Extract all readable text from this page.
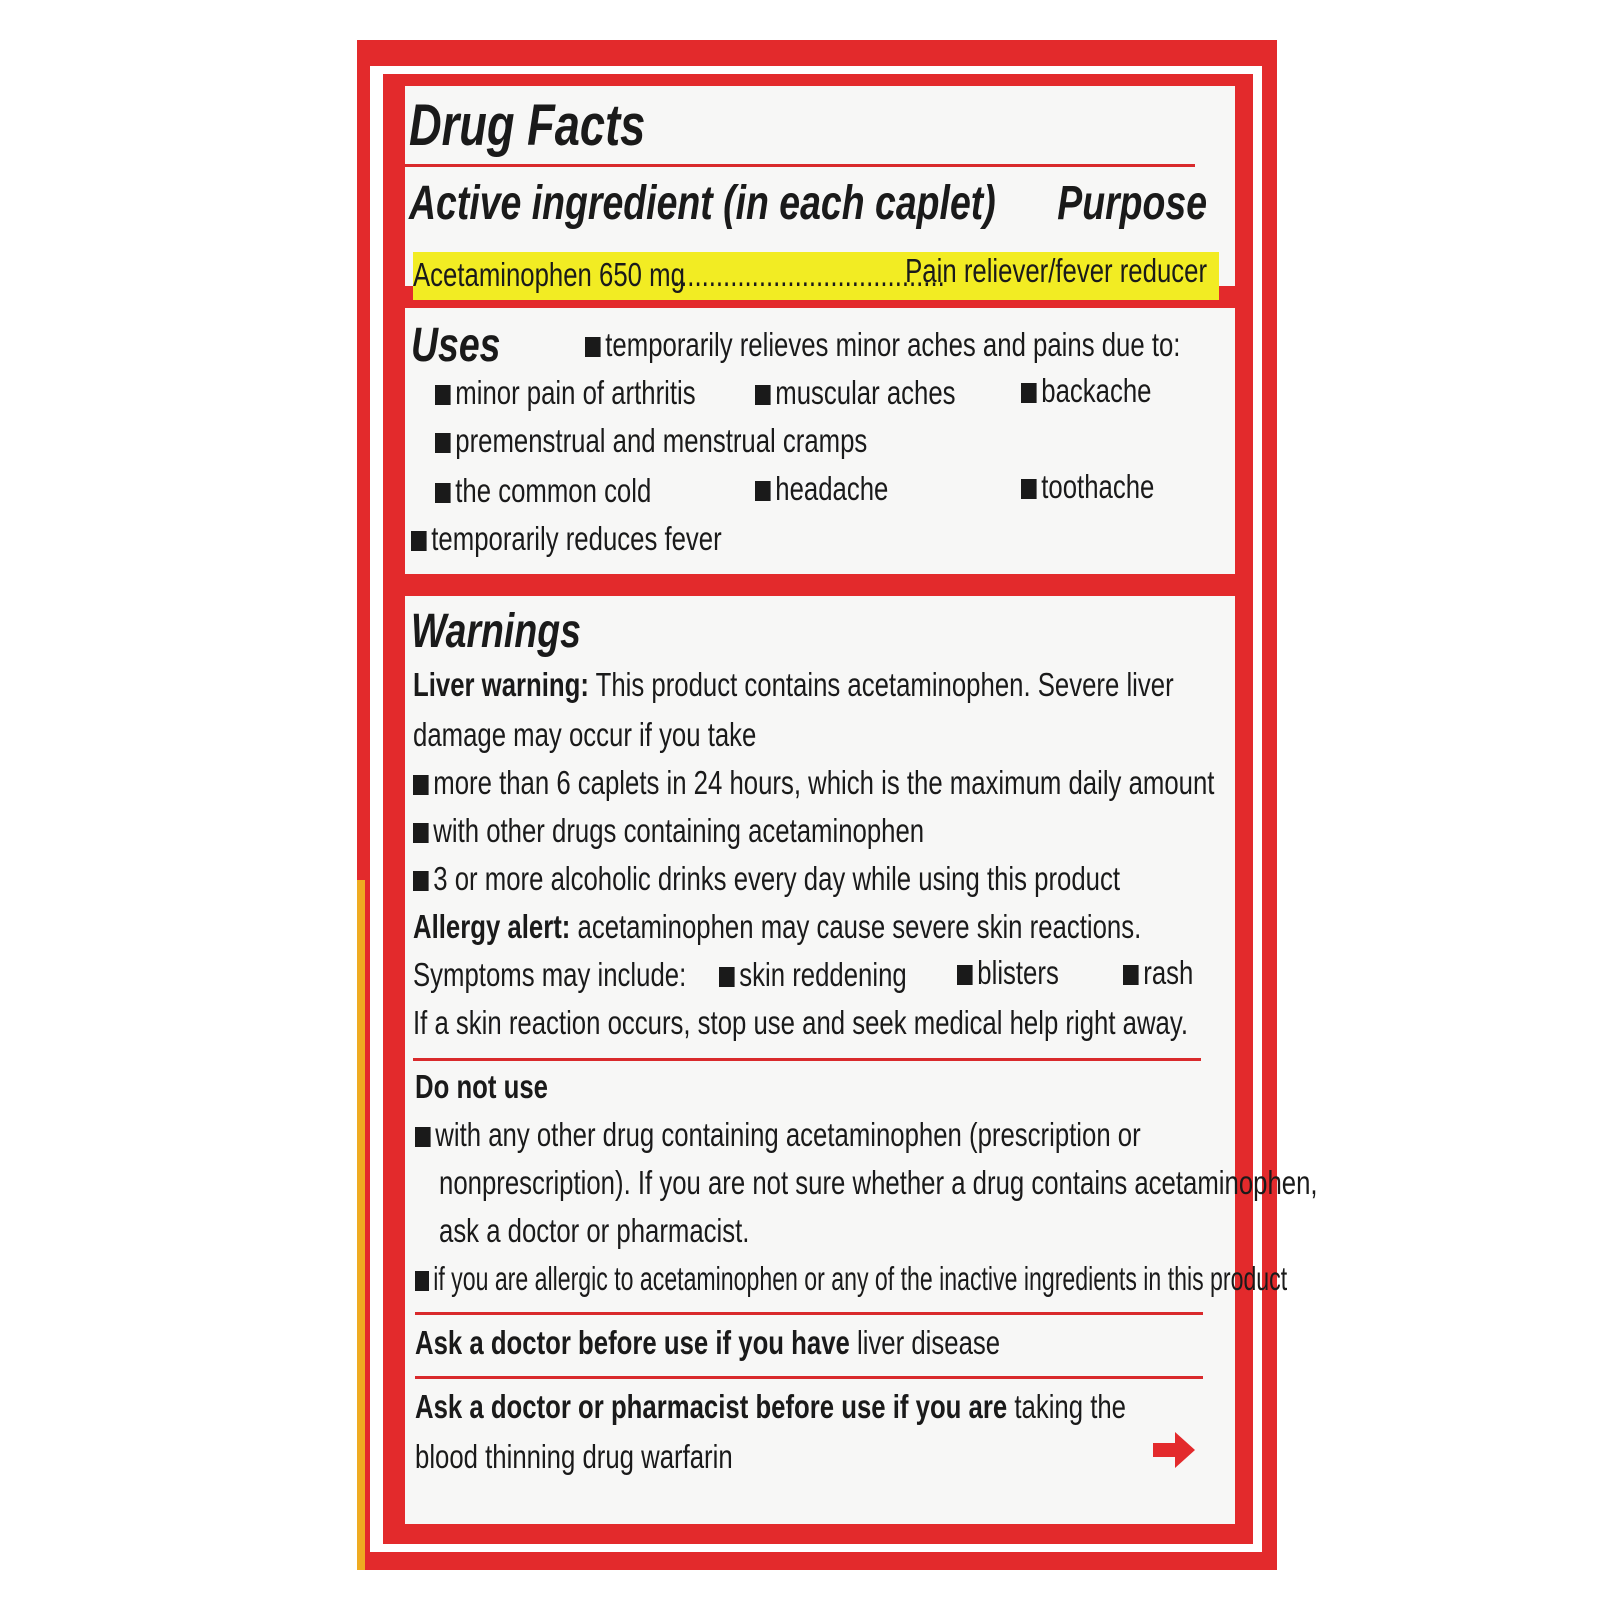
Drug Facts
Active ingredient (in each caplet)	Purpose
Acetaminophen 650 mg
......................................
Pain reliever/fever reducer
Uses	temporarily relieves minor aches and pains due to:
minor pain of arthritis	muscular aches	backache
premenstrual and menstrual cramps
the common cold	headache	toothache
temporarily reduces fever
Warnings
Liver warning: This product contains acetaminophen. Severe liver
damage may occur if you take
more than 6 caplets in 24 hours, which is the maximum daily amount
with other drugs containing acetaminophen
3 or more alcoholic drinks every day while using this product
Allergy alert: acetaminophen may cause severe skin reactions.
Symptoms may include:	skin reddening	blisters	rash
If a skin reaction occurs, stop use and seek medical help right away.
Do not use
with any other drug containing acetaminophen (prescription or
nonprescription). If you are not sure whether a drug contains acetaminophen,
ask a doctor or pharmacist.
if you are allergic to acetaminophen or any of the inactive ingredients in this product
Ask a doctor before use if you have liver disease
Ask a doctor or pharmacist before use if you are taking the
blood thinning drug warfarin
